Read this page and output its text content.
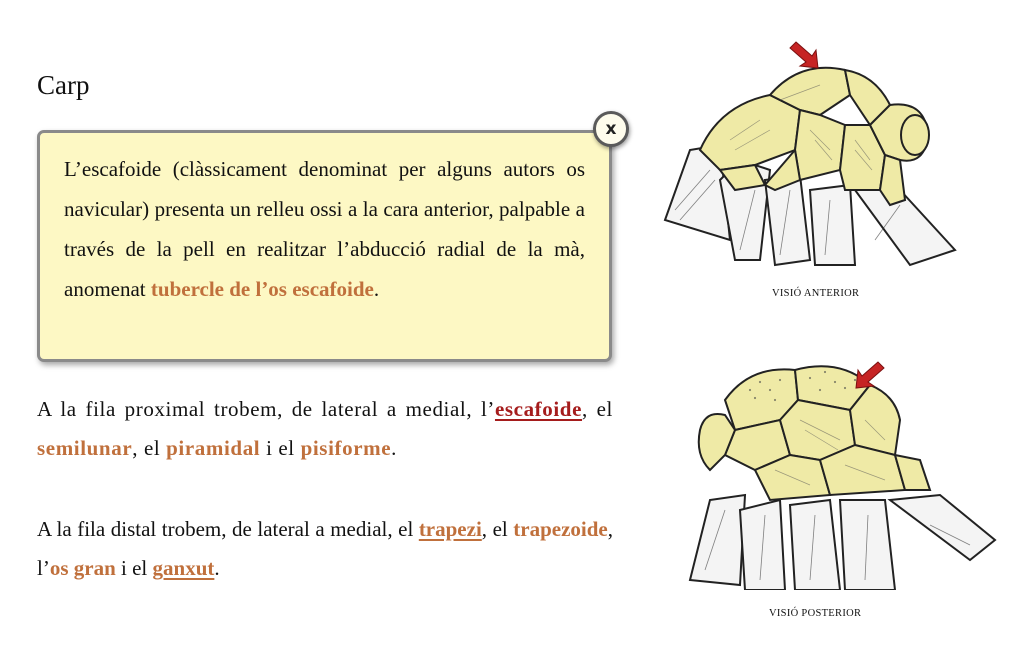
Carp
L’escafoide (clàssicament denominat per alguns autors os navicular) presenta un relleu ossi a la cara anterior, palpable a través de la pell en realitzar l’abducció radial de la mà, anomenat tubercle de l’os escafoide.
x

A la fila proximal trobem, de lateral a medial, l’escafoide, el semilunar, el piramidal i el pisiforme.

A la fila distal trobem, de lateral a medial, el trapezi, el trapezoide, l’os gran i el ganxut.

VISIÓ ANTERIOR
VISIÓ POSTERIOR
